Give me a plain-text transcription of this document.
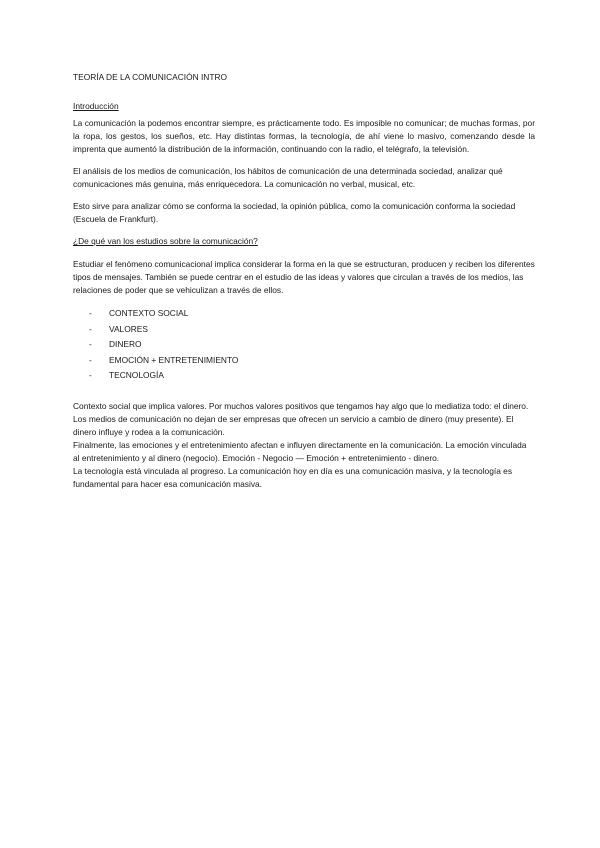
TEORÍA DE LA COMUNICACIÓN INTRO
Introducción

La comunicación la podemos encontrar siempre, es prácticamente todo. Es imposible no comunicar; de muchas formas, por la ropa, los gestos, los sueños, etc. Hay distintas formas, la tecnología, de ahí viene lo masivo, comenzando desde la imprenta que aumentó la distribución de la información, continuando con la radio, el telégrafo, la televisión.

El análisis de los medios de comunicación, los hábitos de comunicación de una determinada sociedad, analizar qué comunicaciones más genuina, más enriquecedora. La comunicación no verbal, musical, etc.

Esto sirve para analizar cómo se conforma la sociedad, la opinión pública, como la comunicación conforma la sociedad (Escuela de Frankfurt).

¿De qué van los estudios sobre la comunicación?

Estudiar el fenómeno comunicacional implica considerar la forma en la que se estructuran, producen y reciben los diferentes tipos de mensajes. También se puede centrar en el estudio de las ideas y valores que circulan a través de los medios, las relaciones de poder que se vehiculizan a través de ellos.

- CONTEXTO SOCIAL
- VALORES
- DINERO
- EMOCIÓN + ENTRETENIMIENTO
- TECNOLOGÍA

Contexto social que implica valores. Por muchos valores positivos que tengamos hay algo que lo mediatiza todo: el dinero. Los medios de comunicación no dejan de ser empresas que ofrecen un servicio a cambio de dinero (muy presente). El dinero influye y rodea a la comunicación.

Finalmente, las emociones y el entretenimiento afectan e influyen directamente en la comunicación. La emoción vinculada al entretenimiento y al dinero (negocio). Emoción - Negocio — Emoción + entretenimiento - dinero.

La tecnología está vinculada al progreso. La comunicación hoy en día es una comunicación masiva, y la tecnología es fundamental para hacer esa comunicación masiva.
